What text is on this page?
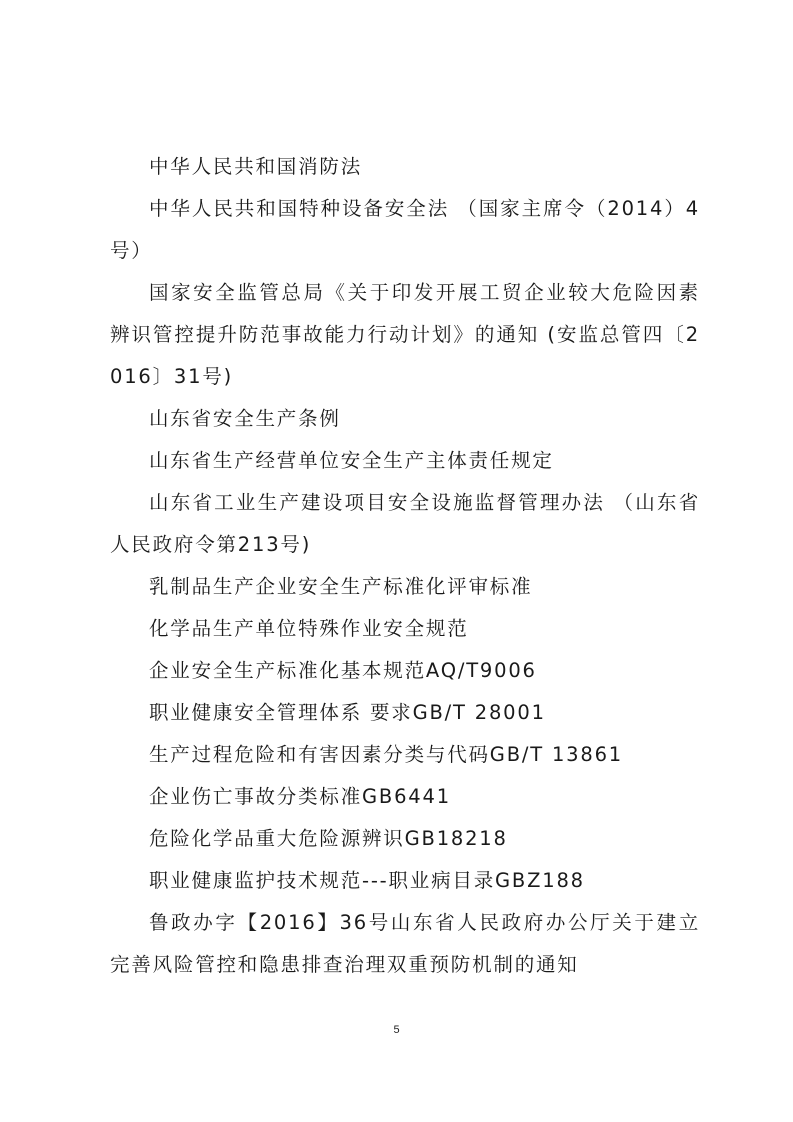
中华人民共和国消防法

中华人民共和国特种设备安全法 （国家主席令（2014）4号）

国家安全监管总局《关于印发开展工贸企业较大危险因素辨识管控提升防范事故能力行动计划》的通知 (安监总管四〔2016〕31号)

山东省安全生产条例

山东省生产经营单位安全生产主体责任规定

山东省工业生产建设项目安全设施监督管理办法 （山东省人民政府令第213号)

乳制品生产企业安全生产标准化评审标准

化学品生产单位特殊作业安全规范

企业安全生产标准化基本规范AQ/T9006

职业健康安全管理体系 要求GB/T 28001

生产过程危险和有害因素分类与代码GB/T 13861

企业伤亡事故分类标准GB6441

危险化学品重大危险源辨识GB18218

职业健康监护技术规范---职业病目录GBZ188

鲁政办字【2016】36号山东省人民政府办公厅关于建立完善风险管控和隐患排查治理双重预防机制的通知

5
